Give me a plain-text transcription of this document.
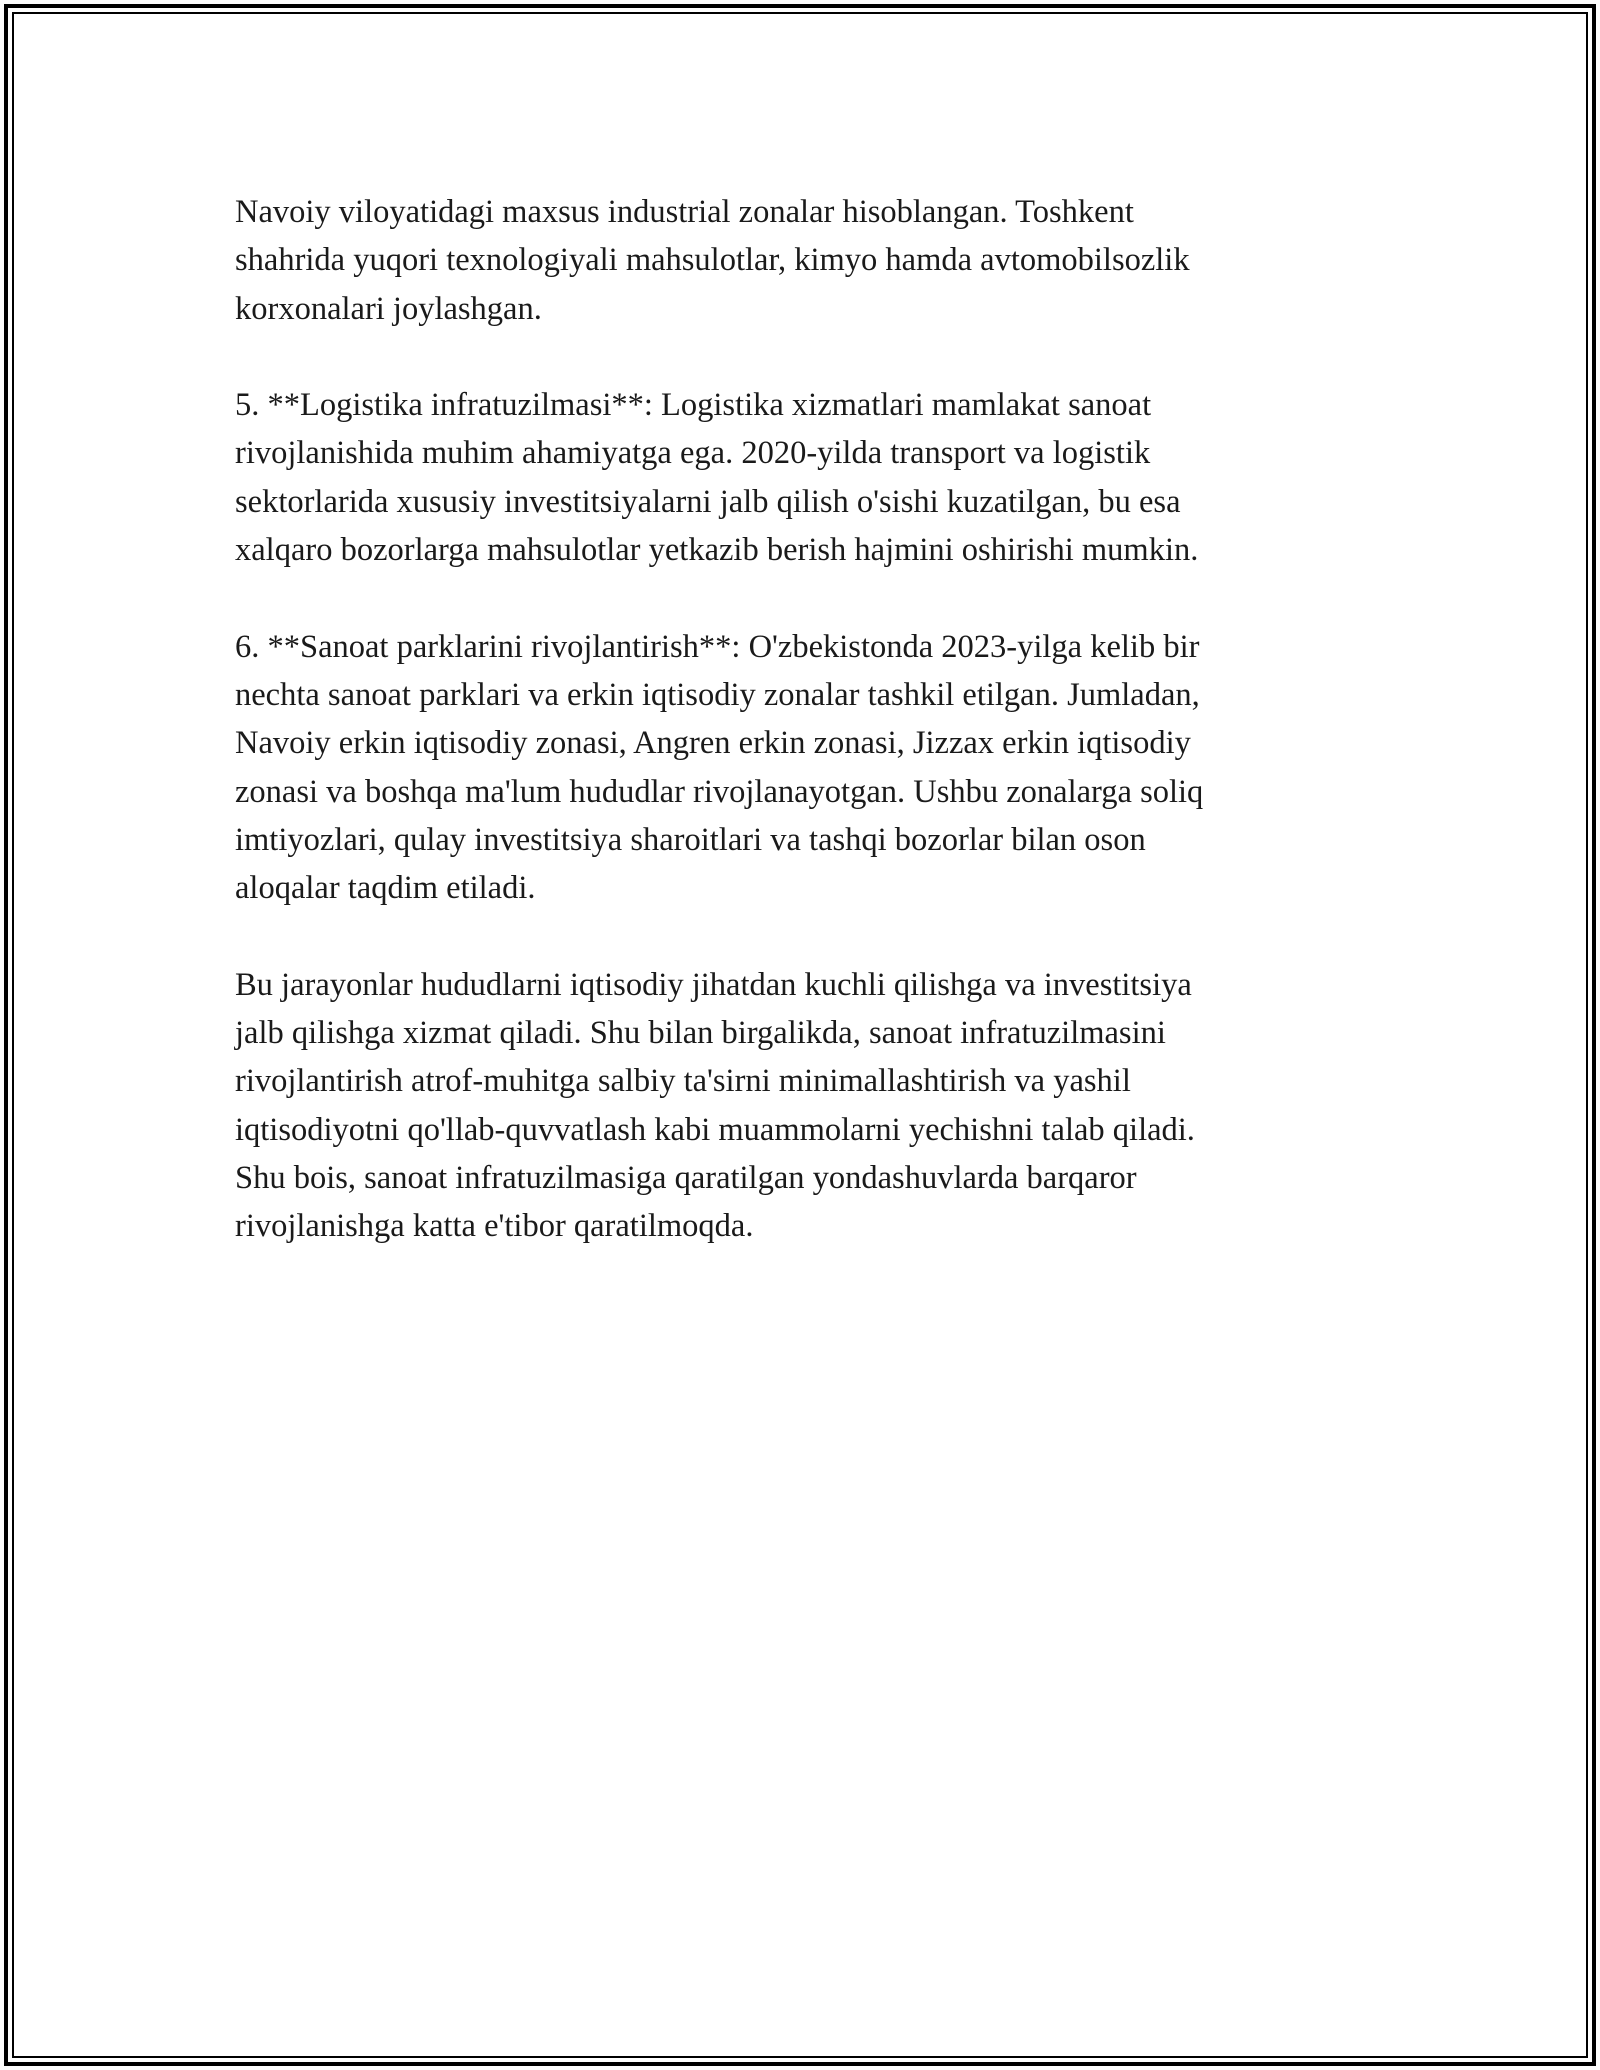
Navoiy viloyatidagi maxsus industrial zonalar hisoblangan. Toshkent
shahrida yuqori texnologiyali mahsulotlar, kimyo hamda avtomobilsozlik
korxonalari joylashgan.
5. **Logistika infratuzilmasi**: Logistika xizmatlari mamlakat sanoat
rivojlanishida muhim ahamiyatga ega. 2020-yilda transport va logistik
sektorlarida xususiy investitsiyalarni jalb qilish o'sishi kuzatilgan, bu esa
xalqaro bozorlarga mahsulotlar yetkazib berish hajmini oshirishi mumkin.
6. **Sanoat parklarini rivojlantirish**: O'zbekistonda 2023-yilga kelib bir
nechta sanoat parklari va erkin iqtisodiy zonalar tashkil etilgan. Jumladan,
Navoiy erkin iqtisodiy zonasi, Angren erkin zonasi, Jizzax erkin iqtisodiy
zonasi va boshqa ma'lum hududlar rivojlanayotgan. Ushbu zonalarga soliq
imtiyozlari, qulay investitsiya sharoitlari va tashqi bozorlar bilan oson
aloqalar taqdim etiladi.
Bu jarayonlar hududlarni iqtisodiy jihatdan kuchli qilishga va investitsiya
jalb qilishga xizmat qiladi. Shu bilan birgalikda, sanoat infratuzilmasini
rivojlantirish atrof-muhitga salbiy ta'sirni minimallashtirish va yashil
iqtisodiyotni qo'llab-quvvatlash kabi muammolarni yechishni talab qiladi.
Shu bois, sanoat infratuzilmasiga qaratilgan yondashuvlarda barqaror
rivojlanishga katta e'tibor qaratilmoqda.
